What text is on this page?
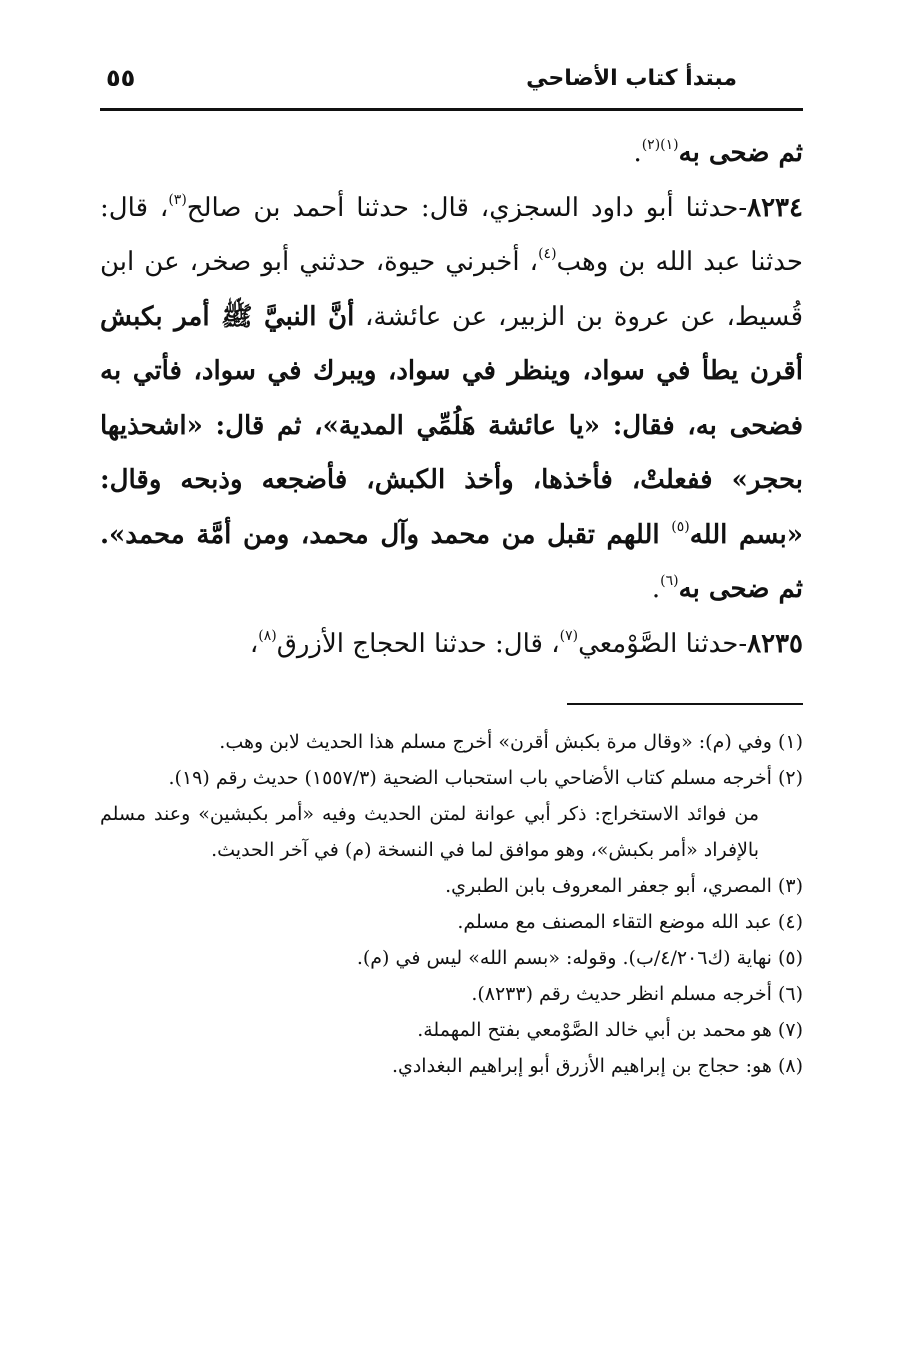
مبتدأ كتاب الأضاحي
٥٥

ثم ضحى به$^{(١)(٢)}$.

٨٢٣٤-حدثنا أبو داود السجزي، قال: حدثنا أحمد بن صالح$^{(٣)}$، قال: حدثنا عبد الله بن وهب$^{(٤)}$، أخبرني حيوة، حدثني أبو صخر، عن ابن قُسيط، عن عروة بن الزبير، عن عائشة، أنَّ النبيَّ ﷺ أمر بكبش أقرن يطأ في سواد، وينظر في سواد، ويبرك في سواد، فأتي به فضحى به، فقال: «يا عائشة هَلُمِّي المدية»، ثم قال: «اشحذيها بحجر» ففعلتْ، فأخذها، وأخذ الكبش، فأضجعه وذبحه وقال: «بسم الله$^{(٥)}$ اللهم تقبل من محمد وآل محمد، ومن أمَّة محمد». ثم ضحى به$^{(٦)}$.

٨٢٣٥-حدثنا الصَّوْمعي$^{(٧)}$، قال: حدثنا الحجاج الأزرق$^{(٨)}$،

(١) وفي (م): «وقال مرة بكبش أقرن» أخرج مسلم هذا الحديث لابن وهب.

(٢) أخرجه مسلم كتاب الأضاحي باب استحباب الضحية (١٥٥٧/٣) حديث رقم (١٩).

من فوائد الاستخراج: ذكر أبي عوانة لمتن الحديث وفيه «أمر بكبشين» وعند مسلم بالإفراد «أمر بكبش»، وهو موافق لما في النسخة (م) في آخر الحديث.

(٣) المصري، أبو جعفر المعروف بابن الطبري.

(٤) عبد الله موضع التقاء المصنف مع مسلم.

(٥) نهاية (ك٤/٢٠٦/ب). وقوله: «بسم الله» ليس في (م).

(٦) أخرجه مسلم انظر حديث رقم (٨٢٣٣).

(٧) هو محمد بن أبي خالد الصَّوْمعي بفتح المهملة.

(٨) هو: حجاج بن إبراهيم الأزرق أبو إبراهيم البغدادي.
